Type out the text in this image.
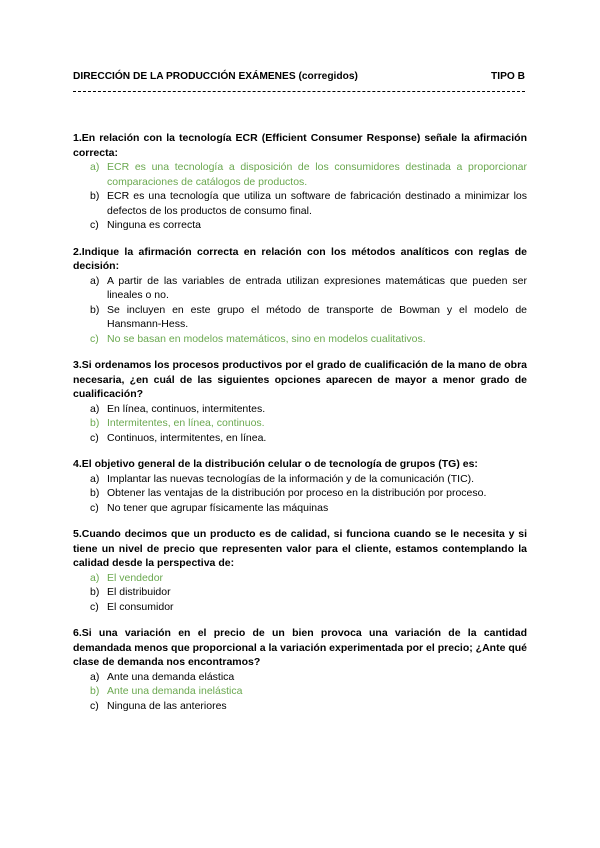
DIRECCIÓN DE LA PRODUCCIÓN EXÁMENES (corregidos)	TIPO B
1.En relación con la tecnología ECR (Efficient Consumer Response) señale la afirmación correcta:
a) ECR es una tecnología a disposición de los consumidores destinada a proporcionar comparaciones de catálogos de productos.
b) ECR es una tecnología que utiliza un software de fabricación destinado a minimizar los defectos de los productos de consumo final.
c) Ninguna es correcta
2.Indique la afirmación correcta en relación con los métodos analíticos con reglas de decisión:
a) A partir de las variables de entrada utilizan expresiones matemáticas que pueden ser lineales o no.
b) Se incluyen en este grupo el método de transporte de Bowman y el modelo de Hansmann-Hess.
c) No se basan en modelos matemáticos, sino en modelos cualitativos.
3.Si ordenamos los procesos productivos por el grado de cualificación de la mano de obra necesaria, ¿en cuál de las siguientes opciones aparecen de mayor a menor grado de cualificación?
a) En línea, continuos, intermitentes.
b) Intermitentes, en línea, continuos.
c) Continuos, intermitentes, en línea.
4.El objetivo general de la distribución celular o de tecnología de grupos (TG) es:
a) Implantar las nuevas tecnologías de la información y de la comunicación (TIC).
b) Obtener las ventajas de la distribución por proceso en la distribución por proceso.
c) No tener que agrupar físicamente las máquinas
5.Cuando decimos que un producto es de calidad, si funciona cuando se le necesita y si tiene un nivel de precio que representen valor para el cliente, estamos contemplando la calidad desde la perspectiva de:
a) El vendedor
b) El distribuidor
c) El consumidor
6.Si una variación en el precio de un bien provoca una variación de la cantidad demandada menos que proporcional a la variación experimentada por el precio; ¿Ante qué clase de demanda nos encontramos?
a) Ante una demanda elástica
b) Ante una demanda inelástica
c) Ninguna de las anteriores
